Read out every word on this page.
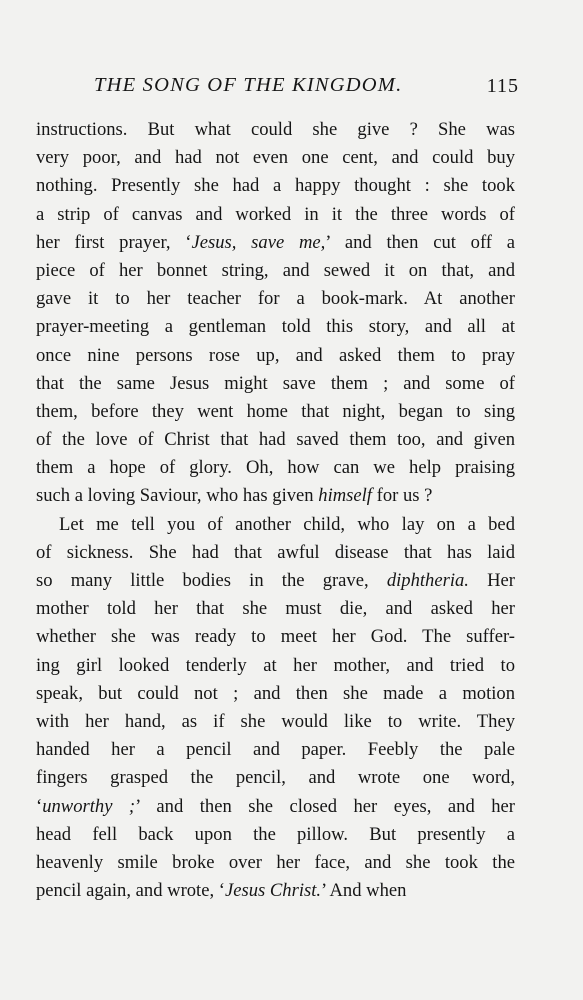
THE SONG OF THE KINGDOM.	115
instructions. But what could she give ? She was
very poor, and had not even one cent, and could buy
nothing. Presently she had a happy thought : she took
a strip of canvas and worked in it the three words of
her first prayer, ‘Jesus, save me,’ and then cut off a
piece of her bonnet string, and sewed it on that, and
gave it to her teacher for a book-mark. At another
prayer-meeting a gentleman told this story, and all at
once nine persons rose up, and asked them to pray
that the same Jesus might save them ; and some of
them, before they went home that night, began to sing
of the love of Christ that had saved them too, and given
them a hope of glory. Oh, how can we help praising
such a loving Saviour, who has given himself for us ?
Let me tell you of another child, who lay on a bed
of sickness. She had that awful disease that has laid
so many little bodies in the grave, diphtheria. Her
mother told her that she must die, and asked her
whether she was ready to meet her God. The suffer-
ing girl looked tenderly at her mother, and tried to
speak, but could not ; and then she made a motion
with her hand, as if she would like to write. They
handed her a pencil and paper. Feebly the pale
fingers grasped the pencil, and wrote one word,
‘unworthy ;’ and then she closed her eyes, and her
head fell back upon the pillow. But presently a
heavenly smile broke over her face, and she took the
pencil again, and wrote, ‘Jesus Christ.’ And when
